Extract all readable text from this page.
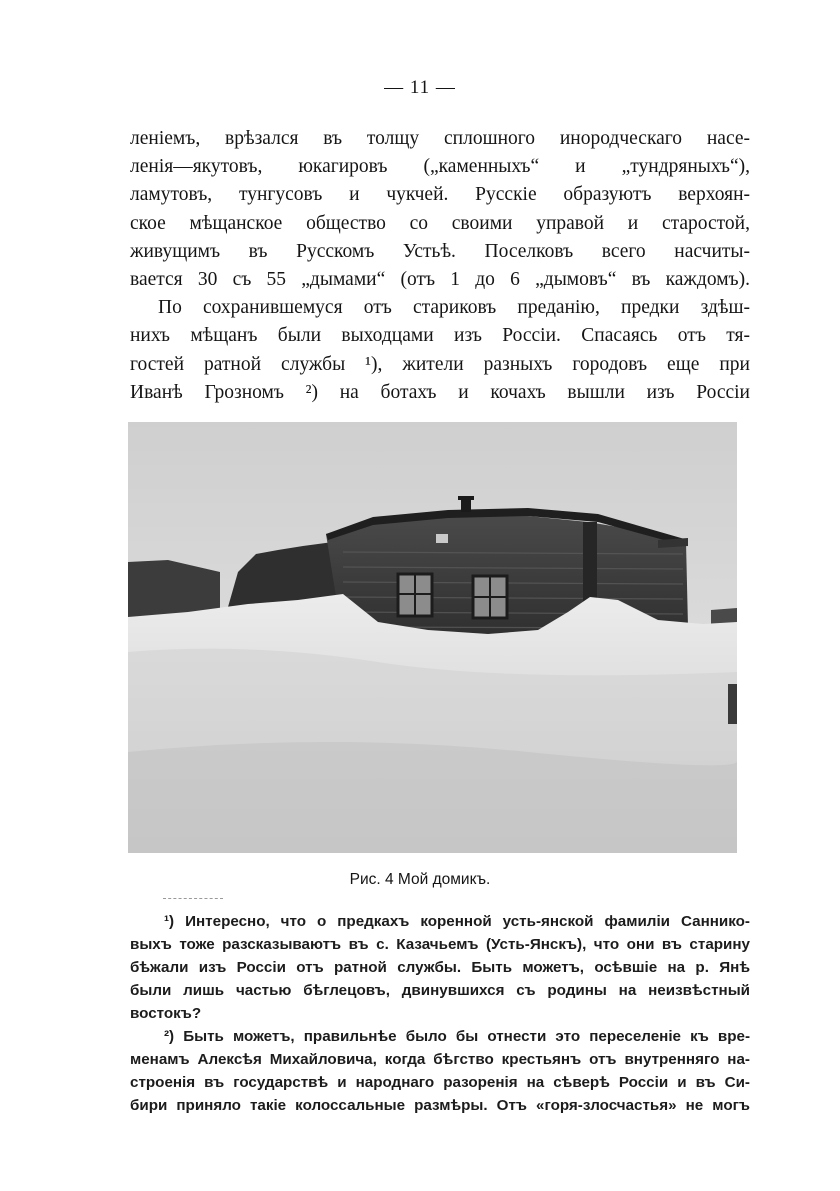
— 11 —
ленiемъ, врѣзался въ толщу сплошного инородческаго насе-
ленiя—якутовъ, юкагировъ („каменныхъ“ и „тундряныхъ“),
ламутовъ, тунгусовъ и чукчей. Русскiе образуютъ верхоян-
ское мѣщанское общество со своими управой и старостой,
живущимъ въ Русскомъ Устьѣ. Поселковъ всего насчиты-
вается 30 съ 55 „дымами“ (отъ 1 до 6 „дымовъ“ въ каждомъ).
По сохранившемуся отъ стариковъ преданiю, предки здѣш-
нихъ мѣщанъ были выходцами изъ Россiи. Спасаясь отъ тя-
гостей ратной службы ¹), жители разныхъ городовъ еще при
Иванѣ Грозномъ ²) на ботахъ и кочахъ вышли изъ Россiи
Рис. 4 Мой домикъ.
¹) Интересно, что о предкахъ коренной усть-янской фамилiи Саннико-
выхъ тоже разсказываютъ въ с. Казачьемъ (Усть-Янскъ), что они въ старину
бѣжали изъ Россiи отъ ратной службы. Быть можетъ, осѣвшiе на р. Янѣ
были лишь частью бѣглецовъ, двинувшихся съ родины на неизвѣстный
востокъ?
²) Быть можетъ, правильнѣе было бы отнести это переселенiе къ вре-
менамъ Алексѣя Михайловича, когда бѣгство крестьянъ отъ внутренняго на-
строенiя въ государствѣ и народнаго разоренiя на сѣверѣ Россiи и въ Си-
бири приняло такiе колоссальные размѣры. Отъ «горя-злосчастья» не могъ
